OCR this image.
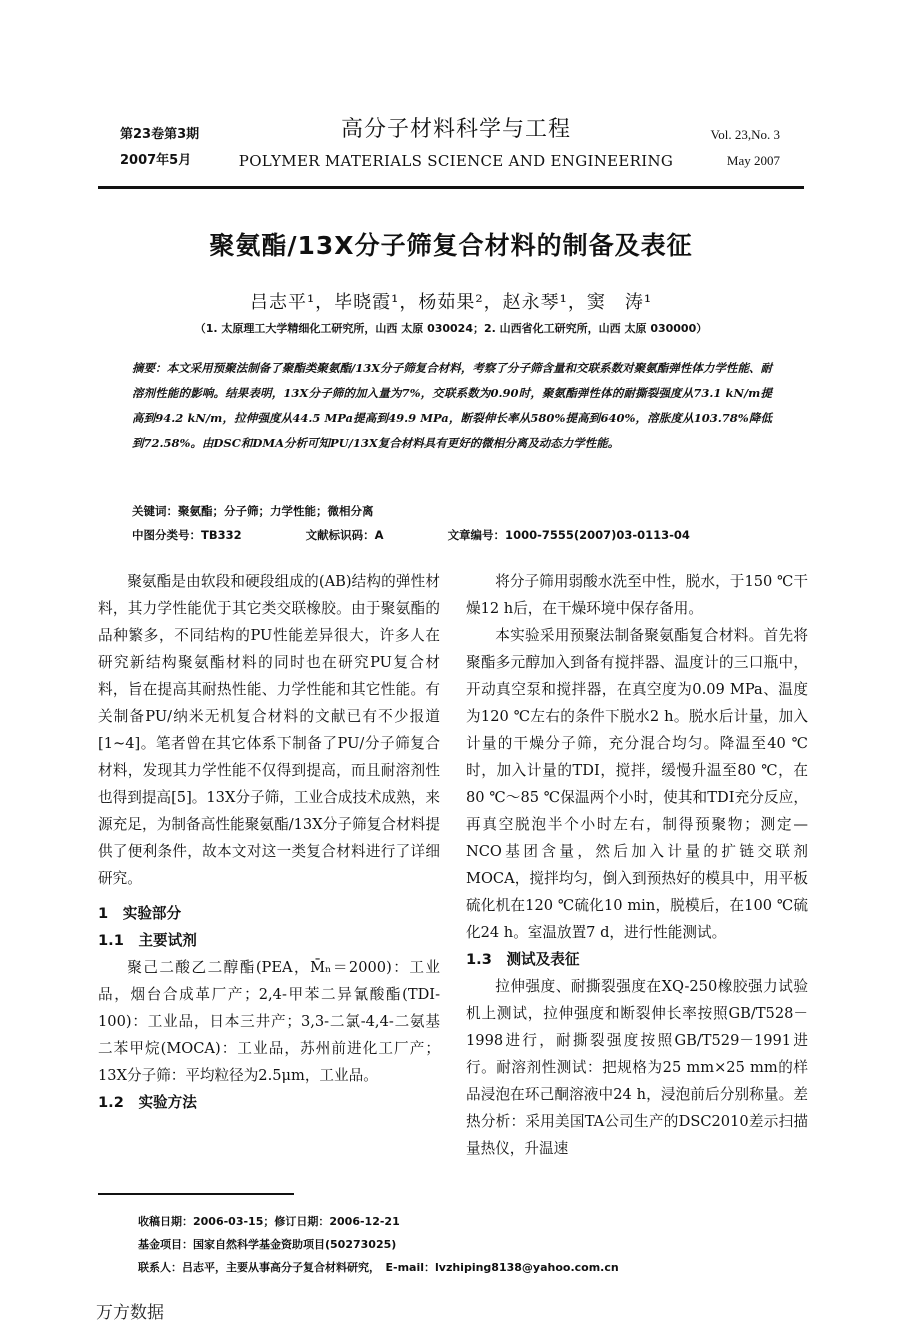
第23卷第3期
2007年5月
高分子材料科学与工程
POLYMER MATERIALS SCIENCE AND ENGINEERING
Vol. 23,No. 3
May 2007
聚氨酯/13X分子筛复合材料的制备及表征
吕志平¹，毕晓霞¹，杨茹果²，赵永琴¹，窦　涛¹
（1. 太原理工大学精细化工研究所，山西 太原 030024；2. 山西省化工研究所，山西 太原 030000）
摘要：本文采用预聚法制备了聚酯类聚氨酯/13X分子筛复合材料，考察了分子筛含量和交联系数对聚氨酯弹性体力学性能、耐溶剂性能的影响。结果表明，13X分子筛的加入量为7%，交联系数为0.90时，聚氨酯弹性体的耐撕裂强度从73.1 kN/m提高到94.2 kN/m，拉伸强度从44.5 MPa提高到49.9 MPa，断裂伸长率从580%提高到640%，溶胀度从103.78%降低到72.58%。由DSC和DMA分析可知PU/13X复合材料具有更好的微相分离及动态力学性能。
关键词：聚氨酯；分子筛；力学性能；微相分离
中图分类号：TB332	文献标识码：A	文章编号：1000-7555(2007)03-0113-04

聚氨酯是由软段和硬段组成的(AB)结构的弹性材料，其力学性能优于其它类交联橡胶。由于聚氨酯的品种繁多，不同结构的PU性能差异很大，许多人在研究新结构聚氨酯材料的同时也在研究PU复合材料，旨在提高其耐热性能、力学性能和其它性能。有关制备PU/纳米无机复合材料的文献已有不少报道[1~4]。笔者曾在其它体系下制备了PU/分子筛复合材料，发现其力学性能不仅得到提高，而且耐溶剂性也得到提高[5]。13X分子筛，工业合成技术成熟，来源充足，为制备高性能聚氨酯/13X分子筛复合材料提供了便利条件，故本文对这一类复合材料进行了详细研究。

1　实验部分
1.1　主要试剂

聚己二酸乙二醇酯(PEA，M̄ₙ＝2000)：工业品，烟台合成革厂产；2,4-甲苯二异氰酸酯(TDI-100)：工业品，日本三井产；3,3-二氯-4,4-二氨基二苯甲烷(MOCA)：工业品，苏州前进化工厂产；13X分子筛：平均粒径为2.5μm，工业品。

1.2　实验方法

将分子筛用弱酸水洗至中性，脱水，于150 ℃干燥12 h后，在干燥环境中保存备用。

本实验采用预聚法制备聚氨酯复合材料。首先将聚酯多元醇加入到备有搅拌器、温度计的三口瓶中，开动真空泵和搅拌器，在真空度为0.09 MPa、温度为120 ℃左右的条件下脱水2 h。脱水后计量，加入计量的干燥分子筛，充分混合均匀。降温至40 ℃时，加入计量的TDI，搅拌，缓慢升温至80 ℃，在80 ℃～85 ℃保温两个小时，使其和TDI充分反应，再真空脱泡半个小时左右，制得预聚物；测定—NCO基团含量，然后加入计量的扩链交联剂MOCA，搅拌均匀，倒入到预热好的模具中，用平板硫化机在120 ℃硫化10 min，脱模后，在100 ℃硫化24 h。室温放置7 d，进行性能测试。

1.3　测试及表征

拉伸强度、耐撕裂强度在XQ-250橡胶强力试验机上测试，拉伸强度和断裂伸长率按照GB/T528－1998进行，耐撕裂强度按照GB/T529－1991进行。耐溶剂性测试：把规格为25 mm×25 mm的样品浸泡在环己酮溶液中24 h，浸泡前后分别称量。差热分析：采用美国TA公司生产的DSC2010差示扫描量热仪，升温速

收稿日期：2006-03-15；修订日期：2006-12-21
基金项目：国家自然科学基金资助项目(50273025)
联系人：吕志平，主要从事高分子复合材料研究，　E-mail：lvzhiping8138@yahoo.com.cn
万方数据
